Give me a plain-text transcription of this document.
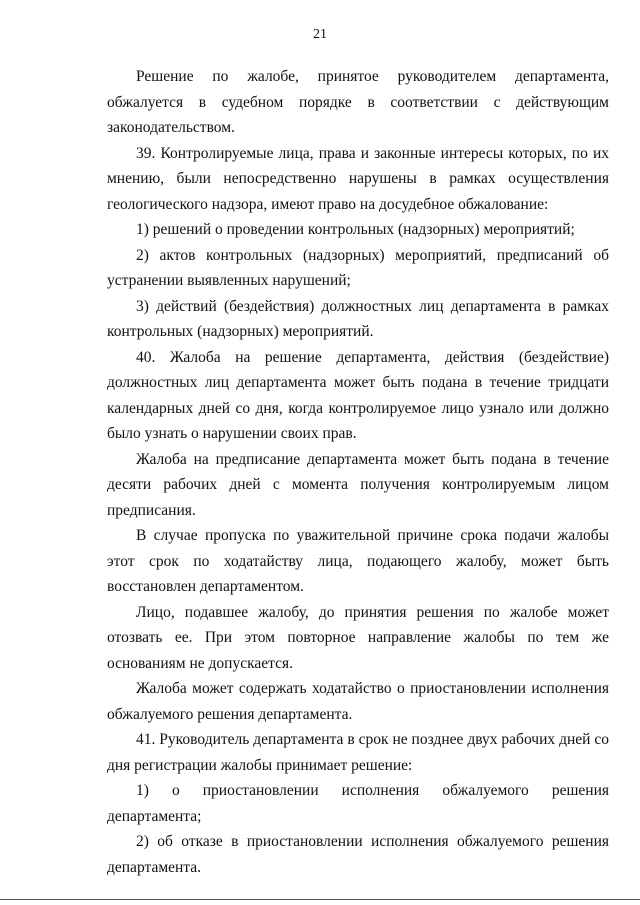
21

Решение по жалобе, принятое руководителем департамента, обжалуется в судебном порядке в соответствии с действующим законодательством.

39. Контролируемые лица, права и законные интересы которых, по их мнению, были непосредственно нарушены в рамках осуществления геологического надзора, имеют право на досудебное обжалование:

1) решений о проведении контрольных (надзорных) мероприятий;

2) актов контрольных (надзорных) мероприятий, предписаний об устранении выявленных нарушений;

3) действий (бездействия) должностных лиц департамента в рамках контрольных (надзорных) мероприятий.

40. Жалоба на решение департамента, действия (бездействие) должностных лиц департамента может быть подана в течение тридцати календарных дней со дня, когда контролируемое лицо узнало или должно было узнать о нарушении своих прав.

Жалоба на предписание департамента может быть подана в течение десяти рабочих дней с момента получения контролируемым лицом предписания.

В случае пропуска по уважительной причине срока подачи жалобы этот срок по ходатайству лица, подающего жалобу, может быть восстановлен департаментом.

Лицо, подавшее жалобу, до принятия решения по жалобе может отозвать ее. При этом повторное направление жалобы по тем же основаниям не допускается.

Жалоба может содержать ходатайство о приостановлении исполнения обжалуемого решения департамента.

41. Руководитель департамента в срок не позднее двух рабочих дней со дня регистрации жалобы принимает решение:

1) о приостановлении исполнения обжалуемого решения департамента;

2) об отказе в приостановлении исполнения обжалуемого решения департамента.
